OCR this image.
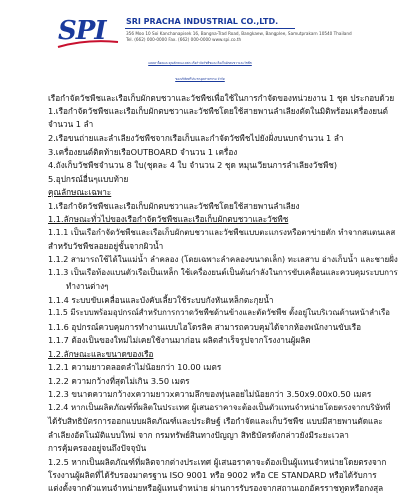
SPI	SRI PRACHA INDUSTRIAL CO.,LTD.
356 Moo 10 Soi Kanchanapisek 16, Bangna-Trad Road, Bangkaew, Bangplee, Samutprakarn 10540 Thailand
Tel. (662) 000-0000 Fax. (662) 000-0000 www.spi.co.th
แคตตาล็อคและคุณลักษณะเฉพาะเรือกำจัดวัชพืชและเรือเก็บผักตบชวาและวัชพืช
ของบริษัทศรีประชาอุตสาหกรรม จำกัด
เรือกำจัดวัชพืชและเรือเก็บผักตบชวาและวัชพืชเพื่อใช้ในการกำจัดของหน่วยงาน 1 ชุด ประกอบด้วย
1.เรือกำจัดวัชพืชและเรือเก็บผักตบชวาและวัชพืชโดยใช้สายพานลำเลียงตัดในมิติพร้อมเครื่องยนต์
จำนวน 1 ลำ
2.เรือขนถ่ายและลำเลียงวัชพืชจากเรือเก็บและกำจัดวัชพืชไปยังฝั่งบนบกจำนวน 1 ลำ
3.เครื่องยนต์ติดท้ายเรือOUTBOARD จำนวน 1 เครื่อง
4.ถังเก็บวัชพืชจำนวน 8 ใบ(ชุดละ 4 ใบ จำนวน 2 ชุด หมุนเวียนการลำเลียงวัชพืช)
5.อุปกรณ์อื่นๆแบบท้าย
คุณลักษณะเฉพาะ
1.เรือกำจัดวัชพืชและเรือเก็บผักตบชวาและวัชพืชโดยใช้สายพานลำเลียง
1.1.ลักษณะทั่วไปของเรือกำจัดวัชพืชและเรือเก็บผักตบชวาและวัชพืช
1.1.1 เป็นเรือกำจัดวัชพืชและเรือเก็บผักตบชวาและวัชพืชแบบตะแกรงหรือตาข่ายตัก ทำจากสแตนเลส
สำหรับวัชพืชลอยอยู่ชั้นจากผิวน้ำ
1.1.2 สามารถใช้ได้ในแม่น้ำ ลำคลอง (โดยเฉพาะลำคลองขนาดเล็ก) ทะเลสาบ อ่างเก็บน้ำ และชายฝั่ง
1.1.3 เป็นเรือท้องแบนตัวเรือเป็นเหล็ก ใช้เครื่องยนต์เป็นต้นกำลังในการขับเคลื่อนและควบคุมระบบการ
ทำงานต่างๆ
1.1.4 ระบบขับเคลื่อนและบังคับเลี้ยวใช้ระบบกังหันเหล็กตะกุยน้ำ
1.1.5 มีระบบพร้อมอุปกรณ์สำหรับการกวาดวัชพืชด้านข้างและตัดวัชพืช ตั้งอยู่ในบริเวณด้านหน้าลำเรือ
1.1.6 อุปกรณ์ควบคุมการทำงานแบบไฮโดรลิค สามารถควบคุมได้จากห้องพนักงานขับเรือ
1.1.7 ต้องเป็นของใหม่ไม่เคยใช้งานมาก่อน ผลิตสำเร็จรูปจากโรงงานผู้ผลิต
1.2.ลักษณะและขนาดของเรือ
1.2.1 ความยาวตลอดลำไม่น้อยกว่า 10.00 เมตร
1.2.2 ความกว้างที่สุดไม่เกิน 3.50 เมตร
1.2.3 ขนาดความกว้างxความยาวxความลึกของทุ่นลอยไม่น้อยกว่า 3.50x9.00x0.50 เมตร
1.2.4 หากเป็นผลิตภัณฑ์ที่ผลิตในประเทศ ผู้เสนอราคาจะต้องเป็นตัวแทนจำหน่ายโดยตรงจากบริษัทที่
ได้รับสิทธิบัตรการออกแบบผลิตภัณฑ์และประดิษฐ์ เรือกำจัดและเก็บวัชพืช แบบมีสายพานตัดและ
ลำเลียงอัตโนมัติแบบใหม่ จาก กรมทรัพย์สินทางปัญญา สิทธิบัตรดังกล่าวยังมีระยะเวลา
การคุ้มครองอยู่จนถึงปัจจุบัน
1.2.5 หากเป็นผลิตภัณฑ์ที่ผลิตจากต่างประเทศ ผู้เสนอราคาจะต้องเป็นผู้แทนจำหน่ายโดยตรงจาก
โรงงานผู้ผลิตที่ได้รับรองมาตรฐาน ISO 9001 หรือ 9002 หรือ CE STANDARD หรือได้รับการ
แต่งตั้งจากตัวแทนจำหน่ายหรือผู้แทนจำหน่าย ผ่านการรับรองจากสถานเอกอัครราชทูตหรือกงสุล
